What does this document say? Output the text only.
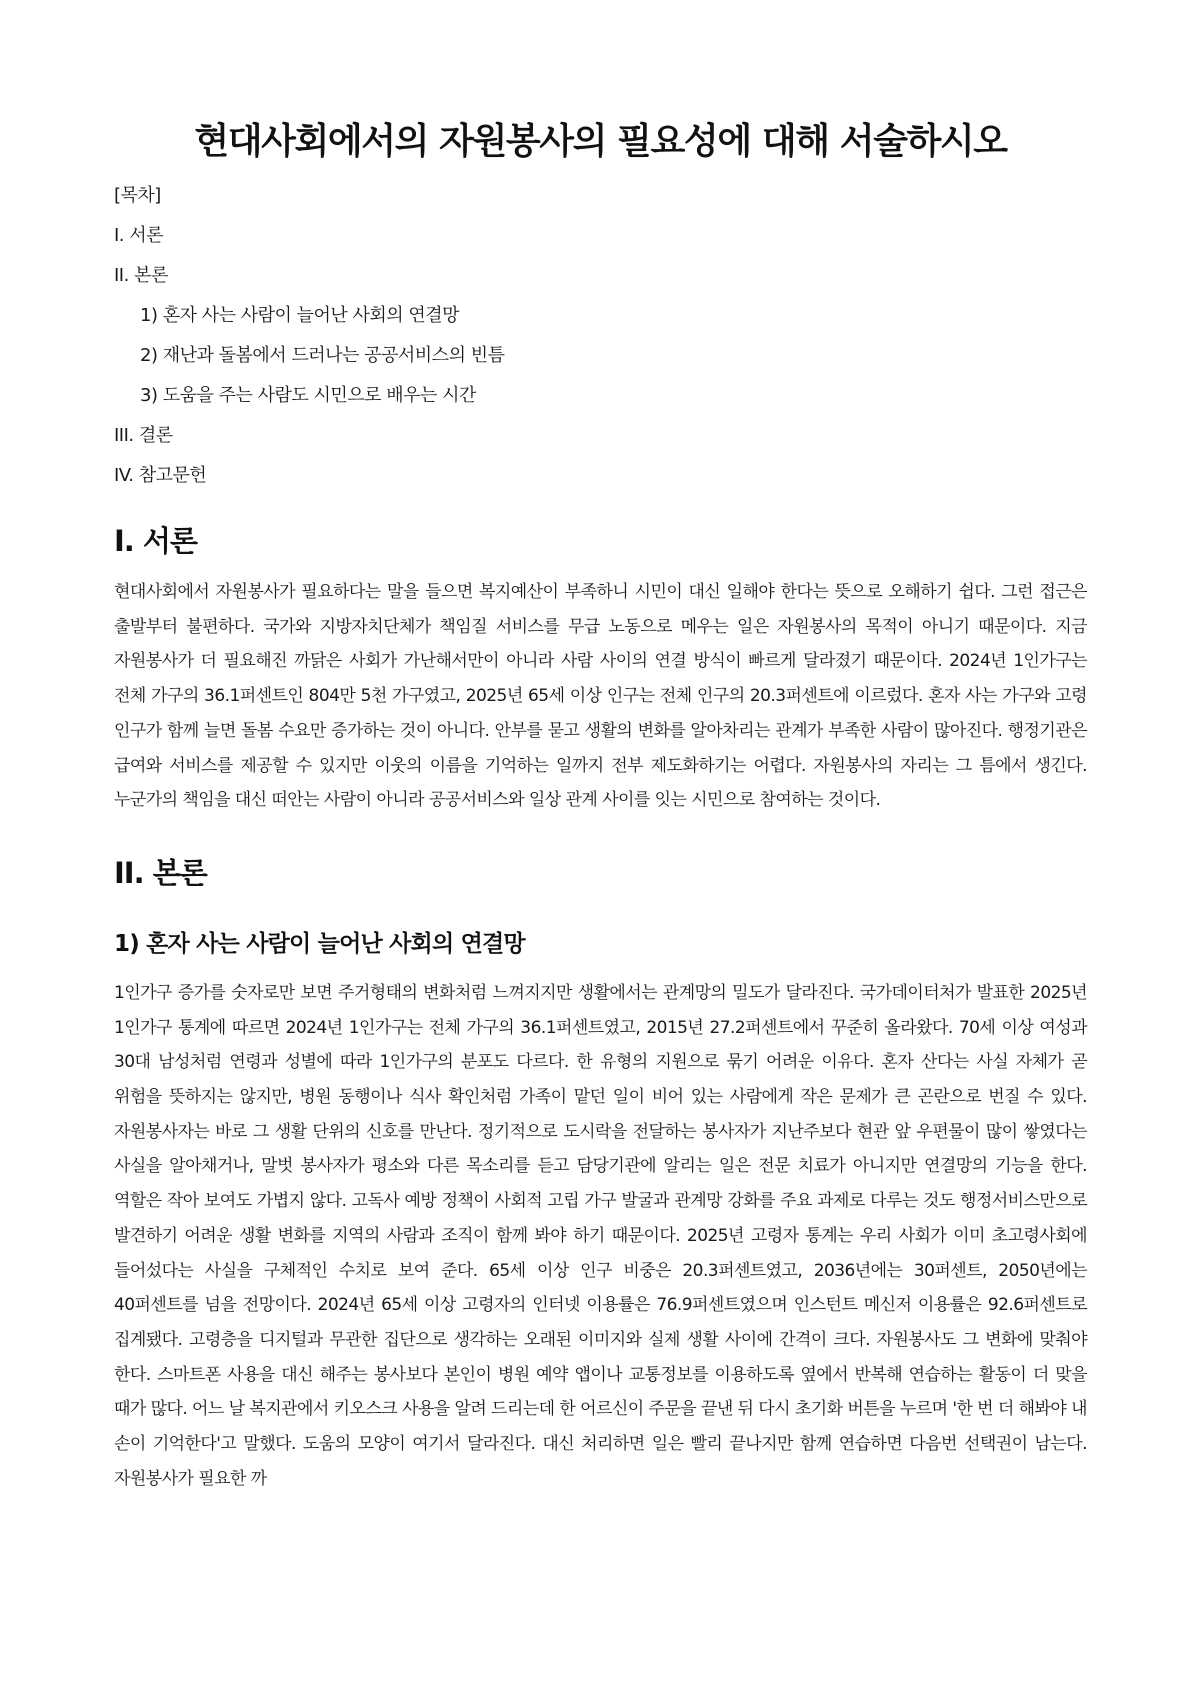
현대사회에서의 자원봉사의 필요성에 대해 서술하시오
[목차]
I. 서론
II. 본론
1) 혼자 사는 사람이 늘어난 사회의 연결망
2) 재난과 돌봄에서 드러나는 공공서비스의 빈틈
3) 도움을 주는 사람도 시민으로 배우는 시간
III. 결론
IV. 참고문헌
I. 서론

현대사회에서 자원봉사가 필요하다는 말을 들으면 복지예산이 부족하니 시민이 대신 일해야 한다는 뜻으로 오해하기 쉽다. 그런 접근은 출발부터 불편하다. 국가와 지방자치단체가 책임질 서비스를 무급 노동으로 메우는 일은 자원봉사의 목적이 아니기 때문이다. 지금 자원봉사가 더 필요해진 까닭은 사회가 가난해서만이 아니라 사람 사이의 연결 방식이 빠르게 달라졌기 때문이다. 2024년 1인가구는 전체 가구의 36.1퍼센트인 804만 5천 가구였고, 2025년 65세 이상 인구는 전체 인구의 20.3퍼센트에 이르렀다. 혼자 사는 가구와 고령 인구가 함께 늘면 돌봄 수요만 증가하는 것이 아니다. 안부를 묻고 생활의 변화를 알아차리는 관계가 부족한 사람이 많아진다. 행정기관은 급여와 서비스를 제공할 수 있지만 이웃의 이름을 기억하는 일까지 전부 제도화하기는 어렵다. 자원봉사의 자리는 그 틈에서 생긴다. 누군가의 책임을 대신 떠안는 사람이 아니라 공공서비스와 일상 관계 사이를 잇는 시민으로 참여하는 것이다.

II. 본론
1) 혼자 사는 사람이 늘어난 사회의 연결망

1인가구 증가를 숫자로만 보면 주거형태의 변화처럼 느껴지지만 생활에서는 관계망의 밀도가 달라진다. 국가데이터처가 발표한 2025년 1인가구 통계에 따르면 2024년 1인가구는 전체 가구의 36.1퍼센트였고, 2015년 27.2퍼센트에서 꾸준히 올라왔다. 70세 이상 여성과 30대 남성처럼 연령과 성별에 따라 1인가구의 분포도 다르다. 한 유형의 지원으로 묶기 어려운 이유다. 혼자 산다는 사실 자체가 곧 위험을 뜻하지는 않지만, 병원 동행이나 식사 확인처럼 가족이 맡던 일이 비어 있는 사람에게 작은 문제가 큰 곤란으로 번질 수 있다. 자원봉사자는 바로 그 생활 단위의 신호를 만난다. 정기적으로 도시락을 전달하는 봉사자가 지난주보다 현관 앞 우편물이 많이 쌓였다는 사실을 알아채거나, 말벗 봉사자가 평소와 다른 목소리를 듣고 담당기관에 알리는 일은 전문 치료가 아니지만 연결망의 기능을 한다. 역할은 작아 보여도 가볍지 않다. 고독사 예방 정책이 사회적 고립 가구 발굴과 관계망 강화를 주요 과제로 다루는 것도 행정서비스만으로 발견하기 어려운 생활 변화를 지역의 사람과 조직이 함께 봐야 하기 때문이다. 2025년 고령자 통계는 우리 사회가 이미 초고령사회에 들어섰다는 사실을 구체적인 수치로 보여 준다. 65세 이상 인구 비중은 20.3퍼센트였고, 2036년에는 30퍼센트, 2050년에는 40퍼센트를 넘을 전망이다. 2024년 65세 이상 고령자의 인터넷 이용률은 76.9퍼센트였으며 인스턴트 메신저 이용률은 92.6퍼센트로 집계됐다. 고령층을 디지털과 무관한 집단으로 생각하는 오래된 이미지와 실제 생활 사이에 간격이 크다. 자원봉사도 그 변화에 맞춰야 한다. 스마트폰 사용을 대신 해주는 봉사보다 본인이 병원 예약 앱이나 교통정보를 이용하도록 옆에서 반복해 연습하는 활동이 더 맞을 때가 많다. 어느 날 복지관에서 키오스크 사용을 알려 드리는데 한 어르신이 주문을 끝낸 뒤 다시 초기화 버튼을 누르며 '한 번 더 해봐야 내 손이 기억한다'고 말했다. 도움의 모양이 여기서 달라진다. 대신 처리하면 일은 빨리 끝나지만 함께 연습하면 다음번 선택권이 남는다. 자원봉사가 필요한 까
